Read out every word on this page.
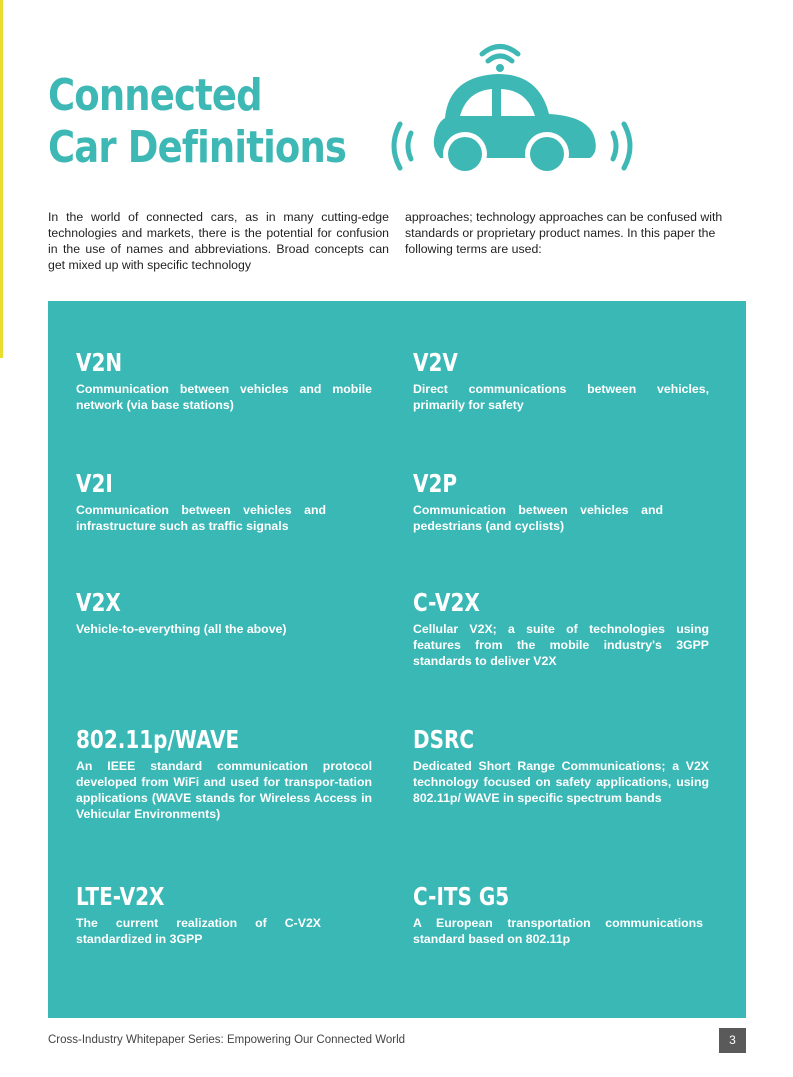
Connected
Car Definitions

In the world of connected cars, as in many cutting-edge technologies and markets, there is the potential for confusion in the use of names and abbreviations. Broad concepts can get mixed up with specific technology

approaches; technology approaches can be confused with standards or proprietary product names. In this paper the following terms are used:

V2N

Communication between vehicles and mobile network (via base stations)

V2V

Direct communications between vehicles, primarily for safety

V2I

Communication between vehicles and infrastructure such as traffic signals

V2P

Communication between vehicles and pedestrians (and cyclists)

V2X

Vehicle-to-everything (all the above)

C-V2X

Cellular V2X; a suite of technologies using features from the mobile industry's 3GPP standards to deliver V2X

802.11p/WAVE

An IEEE standard communication protocol developed from WiFi and used for transpor-tation applications (WAVE stands for Wireless Access in Vehicular Environments)

DSRC

Dedicated Short Range Communications; a V2X technology focused on safety applications, using 802.11p/ WAVE in specific spectrum bands

LTE-V2X

The current realization of C-V2X standardized in 3GPP

C-ITS G5

A European transportation communications standard based on 802.11p

Cross-Industry Whitepaper Series: Empowering Our Connected World	3
